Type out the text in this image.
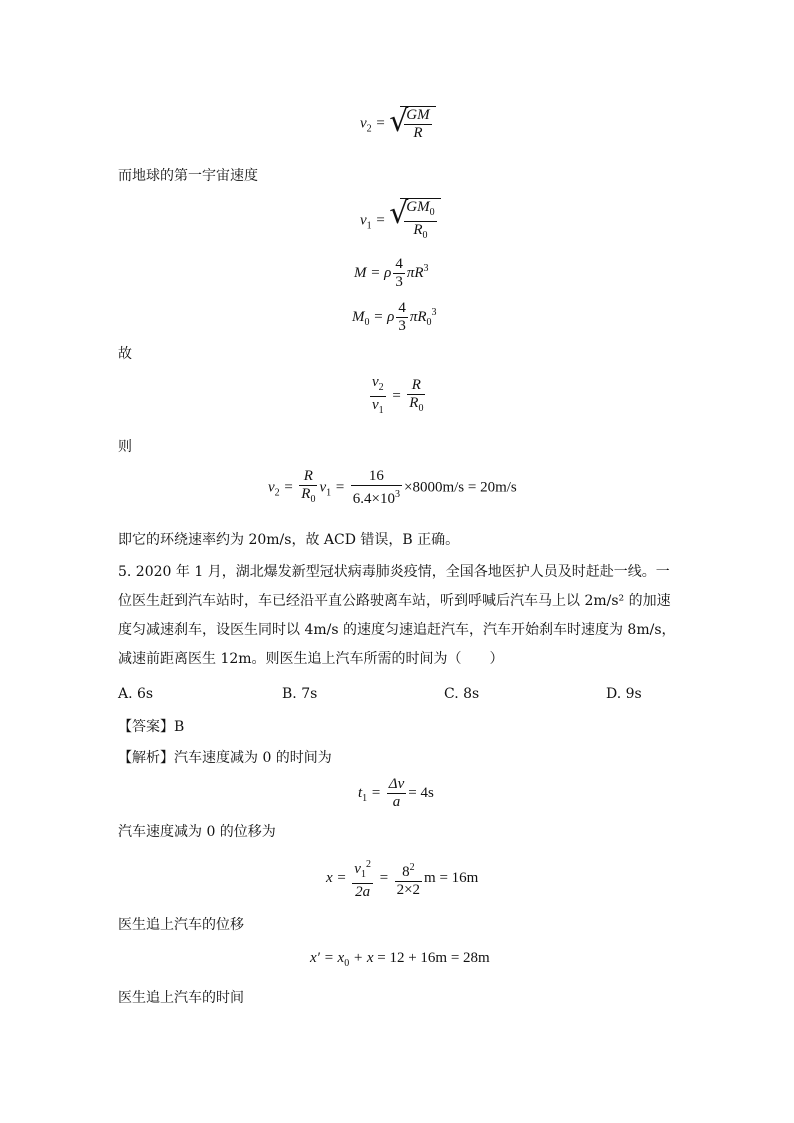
$v_2$ = √
$\frac{GM}{R}$
而地球的第一宇宙速度
$v_1$ = √
$\frac{GM_0}{R_0}$
M = ρ $\frac{4}{3} \pi R^3$
$M_0 = \rho \frac{4}{3} \pi R_0^3$
故
$\frac{v_2}{v_1} = \frac{R}{R_0}$
则
$v_2 = \frac{R}{R_0} v_1 = \frac{16}{6.4\times 10^3} \times 8000m/s = 20m/s$
即它的环绕速率约为 20m/s，故 ACD 错误，B 正确。
5. 2020 年 1 月，湖北爆发新型冠状病毒肺炎疫情，全国各地医护人员及时赶赴一线。一位医生赶到汽车站时，车已经沿平直公路驶离车站，听到呼喊后汽车马上以 2m/s² 的加速度匀减速刹车，设医生同时以 4m/s 的速度匀速追赶汽车，汽车开始刹车时速度为 8m/s，减速前距离医生 12m。则医生追上汽车所需的时间为（　　）
A. 6s	B. 7s	C. 8s	D. 9s
【答案】B
【解析】汽车速度减为 0 的时间为
$t_1 = \frac{\Delta v}{a} = 4s$
汽车速度减为 0 的位移为
$x = \frac{v_1^2}{2a} = \frac{8^2}{2\times 2}$ m = 16m
医生追上汽车的位移
$x' = x_0 + x = 12 + 16m = 28m$
医生追上汽车的时间
